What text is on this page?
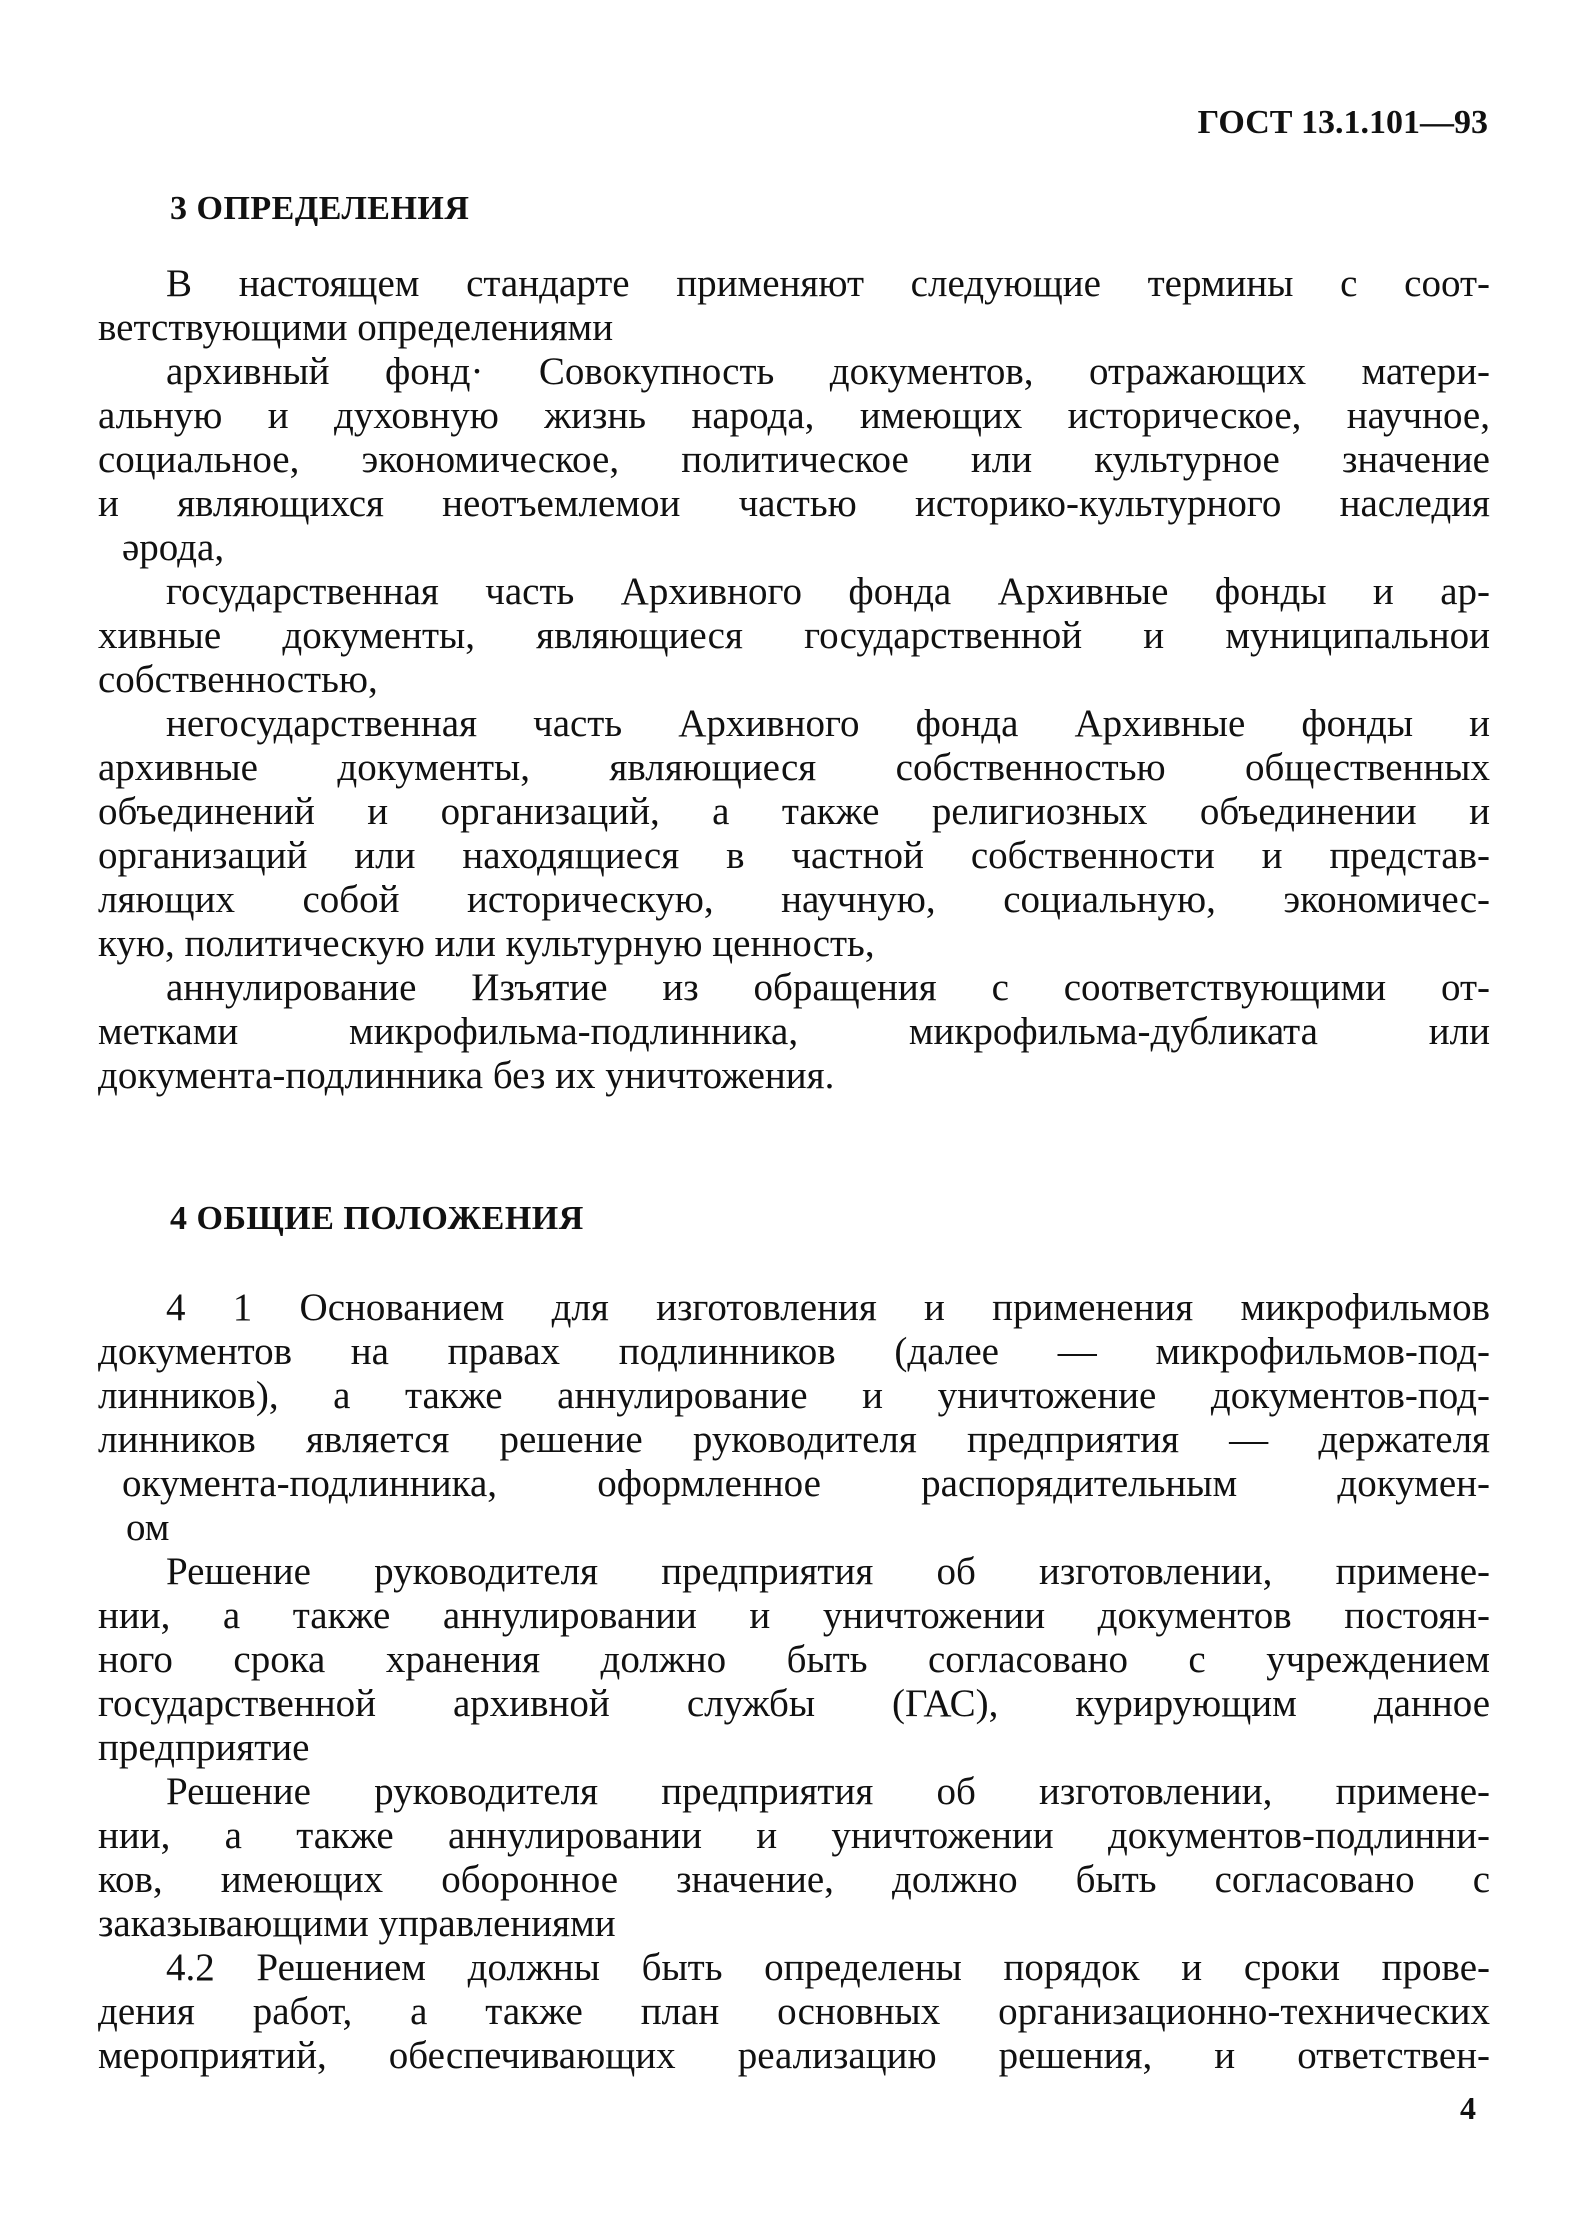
ГОСТ 13.1.101—93
3 ОПРЕДЕЛЕНИЯ
В настоящем стандарте применяют следующие термины с соот-
ветствующими определениями
архивный фонд· Совокупность документов, отражающих матери-
альную и духовную жизнь народа, имеющих историческое, научное,
социальное, экономическое, политическое или культурное значение
и являющихся неотъемлемои частью историко-культурного наследия
ǝрода,
государственная часть Архивного фонда Архивные фонды и ар-
хивные документы, являющиеся государственной и муниципальнои
собственностью,
негосударственная часть Архивного фонда Архивные фонды и
архивные документы, являющиеся собственностью общественных
объединений и организаций, а также религиозных объединении и
организаций или находящиеся в частной собственности и представ-
ляющих собой историческую, научную, социальную, экономичес-
кую, политическую или культурную ценность,
аннулирование Изъятие из обращения с соответствующими от-
метками микрофильма-подлинника, микрофильма-дубликата или
документа-подлинника без их уничтожения.
4 ОБЩИЕ ПОЛОЖЕНИЯ
4 1 Основанием для изготовления и применения микрофильмов
документов на правах подлинников (далее — микрофильмов-под-
линников), а также аннулирование и уничтожение документов-под-
линников является решение руководителя предприятия — держателя
окумента-подлинника, оформленное распорядительным докумен-
ом
Решение руководителя предприятия об изготовлении, примене-
нии, а также аннулировании и уничтожении документов постоян-
ного срока хранения должно быть согласовано с учреждением
государственной архивной службы (ГАС), курирующим данное
предприятие
Решение руководителя предприятия об изготовлении, примене-
нии, а также аннулировании и уничтожении документов-подлинни-
ков, имеющих оборонное значение, должно быть согласовано с
заказывающими управлениями
4.2 Решением должны быть определены порядок и сроки прове-
дения работ, а также план основных организационно-технических
мероприятий, обеспечивающих реализацию решения, и ответствен-
4
